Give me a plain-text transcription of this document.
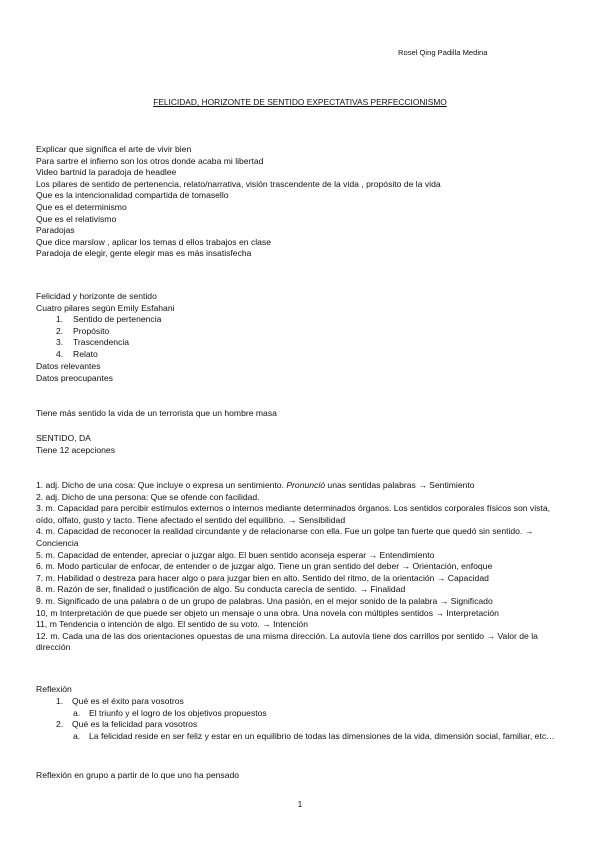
Rosel Qing Padilla Medina
FELICIDAD, HORIZONTE DE SENTIDO EXPECTATIVAS PERFECCIONISMO
Explicar que significa el arte de vivir bien
Para sartre el infierno son los otros donde acaba mi libertad
Video bartnid la paradoja de headlee
Los pilares de sentido de pertenencia, relato/narrativa, visión trascendente de la vida , propósito de la vida
Que es la intencionalidad compartida de tomasello
Que es el determinismo
Que es el relativismo
Paradojas
Que dice marslow , aplicar los temas d ellos trabajos en clase
Paradoja de elegir, gente elegir mas es más insatisfecha
Felicidad y horizonte de sentido
Cuatro pilares según Emily Esfahani
1. Sentido de pertenencia
2. Propósito
3. Trascendencia
4. Relato
Datos relevantes
Datos preocupantes
Tiene más sentido la vida de un terrorista que un hombre masa
SENTIDO, DA
Tiene 12 acepciones
1. adj. Dicho de una cosa: Que incluye o expresa un sentimiento. Pronunció unas sentidas palabras → Sentimiento
2. adj. Dicho de una persona: Que se ofende con facilidad.
3. m. Capacidad para percibir estímulos externos o internos mediante determinados órganos. Los sentidos corporales físicos son vista, oído, olfato, gusto y tacto. Tiene afectado el sentido del equilibrio. → Sensibilidad
4. m. Capacidad de reconocer la realidad circundante y de relacionarse con ella. Fue un golpe tan fuerte que quedó sin sentido. → Conciencia
5. m. Capacidad de entender, apreciar o juzgar algo. El buen sentido aconseja esperar → Entendimiento
6. m. Modo particular de enfocar, de entender o de juzgar algo. Tiene un gran sentido del deber → Orientación, enfoque
7. m. Habilidad o destreza para hacer algo o para juzgar bien en alto. Sentido del ritmo, de la orientación → Capacidad
8. m. Razón de ser, finalidad o justificación de algo. Su conducta carecía de sentido. → Finalidad
9. m. Significado de una palabra o de un grupo de palabras. Una pasión, en el mejor sonido de la palabra → Significado
10, m Interpretación de que puede ser objeto un mensaje o una obra. Una novela con múltiples sentidos → Interpretación
11, m Tendencia o intención de algo. El sentido de su voto. → Intención
12. m. Cada una de las dos orientaciones opuestas de una misma dirección. La autovía tiene dos carrillos por sentido → Valor de la dirección
Reflexión
1. Qué es el éxito para vosotros
a. El triunfo y el logro de los objetivos propuestos
2. Qué es la felicidad para vosotros
a. La felicidad reside en ser feliz y estar en un equilibrio de todas las dimensiones de la vida, dimensión social, familiar, etc…
Reflexión en grupo a partir de lo que uno ha pensado
1
